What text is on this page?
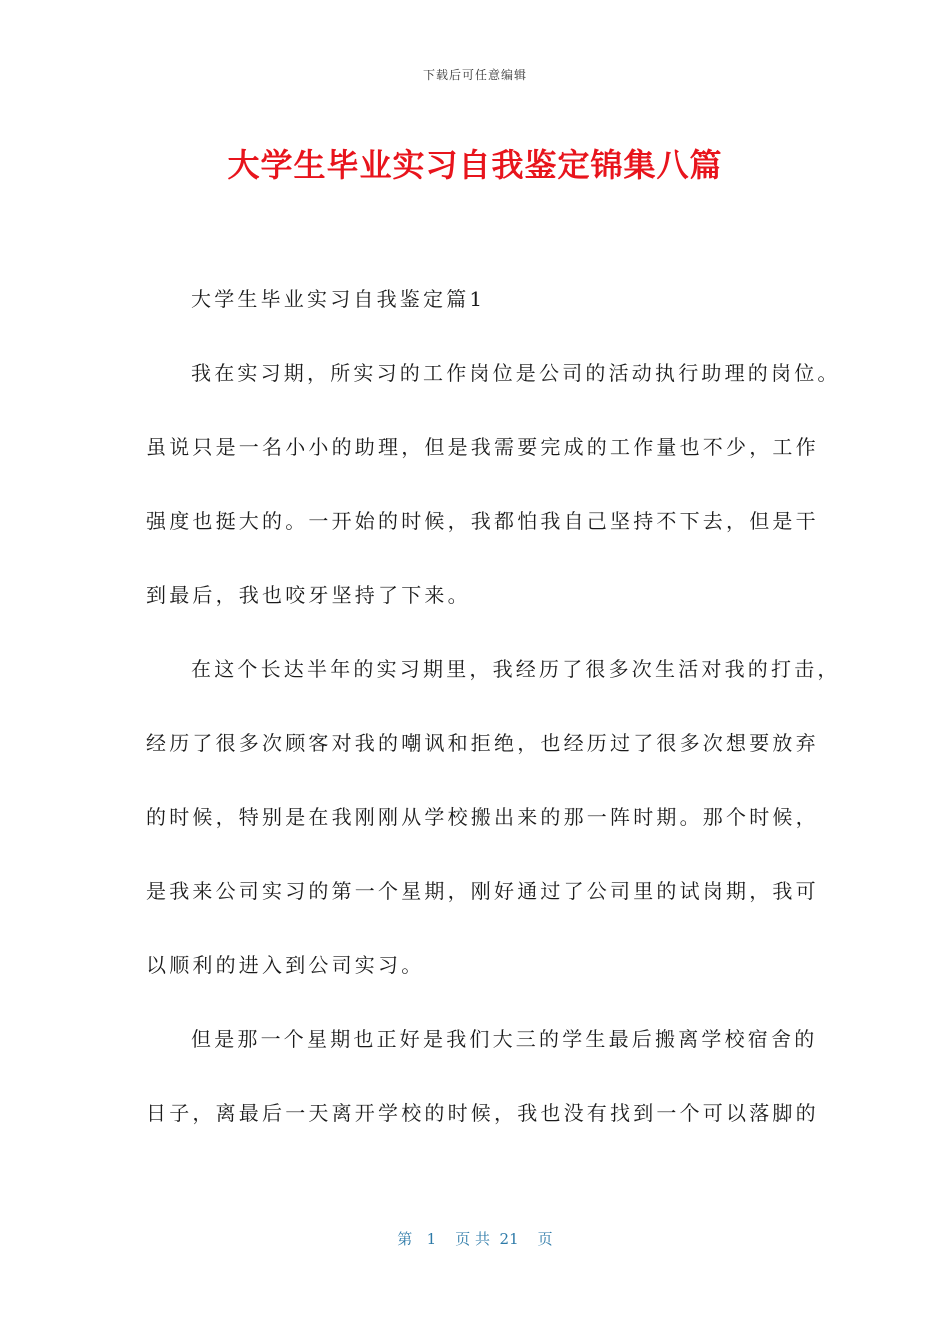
下载后可任意编辑
大学生毕业实习自我鉴定锦集八篇
大学生毕业实习自我鉴定篇1
我在实习期，所实习的工作岗位是公司的活动执行助理的岗位。
虽说只是一名小小的助理，但是我需要完成的工作量也不少，工作
强度也挺大的。一开始的时候，我都怕我自己坚持不下去，但是干
到最后，我也咬牙坚持了下来。
在这个长达半年的实习期里，我经历了很多次生活对我的打击，
经历了很多次顾客对我的嘲讽和拒绝，也经历过了很多次想要放弃
的时候，特别是在我刚刚从学校搬出来的那一阵时期。那个时候，
是我来公司实习的第一个星期，刚好通过了公司里的试岗期，我可
以顺利的进入到公司实习。
但是那一个星期也正好是我们大三的学生最后搬离学校宿舍的
日子，离最后一天离开学校的时候，我也没有找到一个可以落脚的
第   1    页 共  21    页
